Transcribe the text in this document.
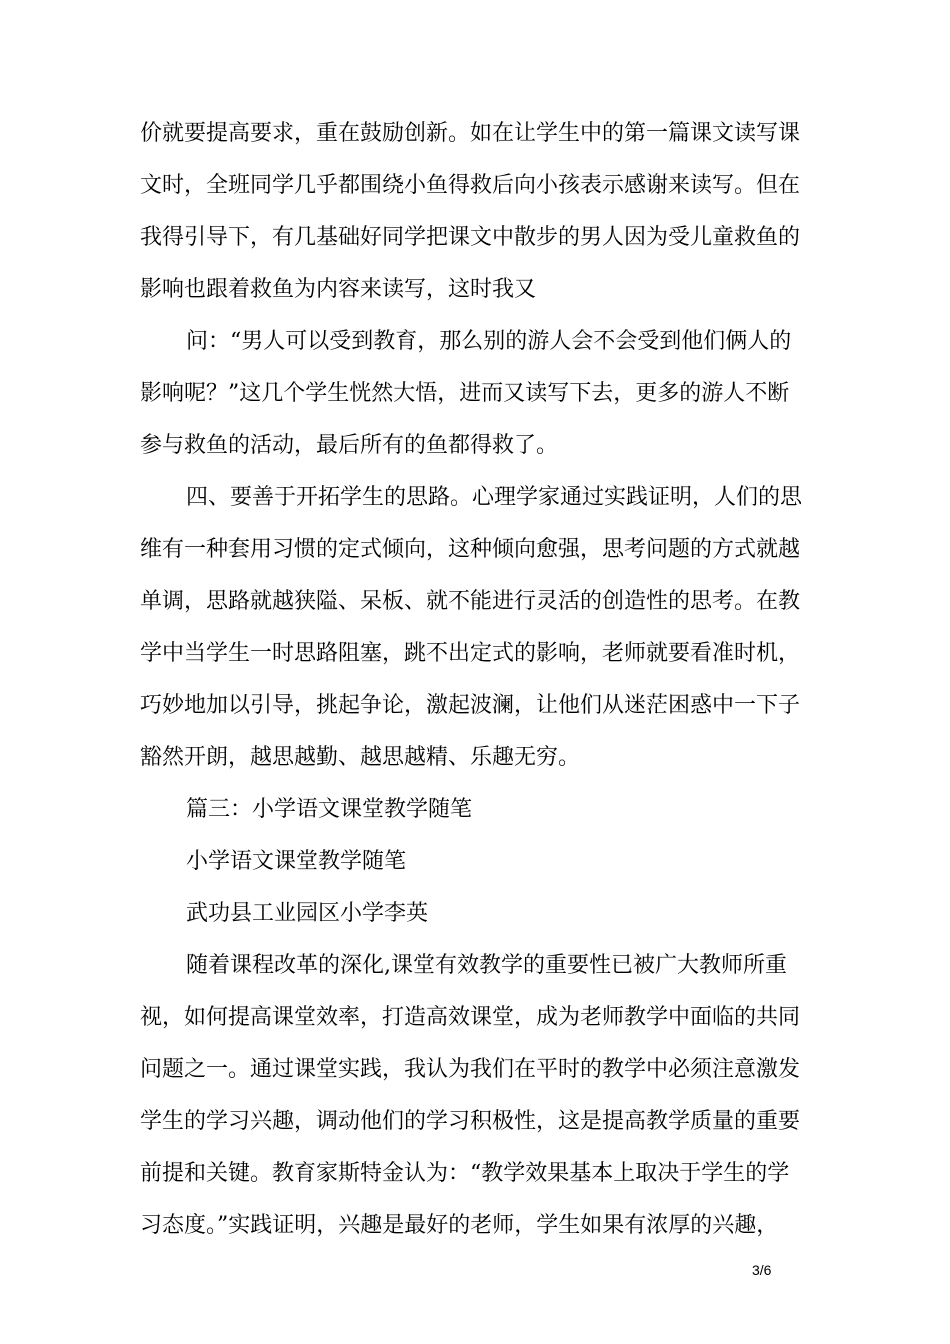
价就要提高要求，重在鼓励创新。如在让学生中的第一篇课文读写课
文时，全班同学几乎都围绕小鱼得救后向小孩表示感谢来读写。但在
我得引导下，有几基础好同学把课文中散步的男人因为受儿童救鱼的
影响也跟着救鱼为内容来读写，这时我又
问：“男人可以受到教育，那么别的游人会不会受到他们俩人的
影响呢？”这几个学生恍然大悟，进而又读写下去，更多的游人不断
参与救鱼的活动，最后所有的鱼都得救了。
四、要善于开拓学生的思路。心理学家通过实践证明，人们的思
维有一种套用习惯的定式倾向，这种倾向愈强，思考问题的方式就越
单调，思路就越狭隘、呆板、就不能进行灵活的创造性的思考。在教
学中当学生一时思路阻塞，跳不出定式的影响，老师就要看准时机，
巧妙地加以引导，挑起争论，激起波澜，让他们从迷茫困惑中一下子
豁然开朗，越思越勤、越思越精、乐趣无穷。
篇三：小学语文课堂教学随笔
小学语文课堂教学随笔
武功县工业园区小学李英
随着课程改革的深化,课堂有效教学的重要性已被广大教师所重
视，如何提高课堂效率，打造高效课堂，成为老师教学中面临的共同
问题之一。通过课堂实践，我认为我们在平时的教学中必须注意激发
学生的学习兴趣，调动他们的学习积极性，这是提高教学质量的重要
前提和关键。教育家斯特金认为：“教学效果基本上取决于学生的学
习态度。”实践证明，兴趣是最好的老师，学生如果有浓厚的兴趣，
3/6
